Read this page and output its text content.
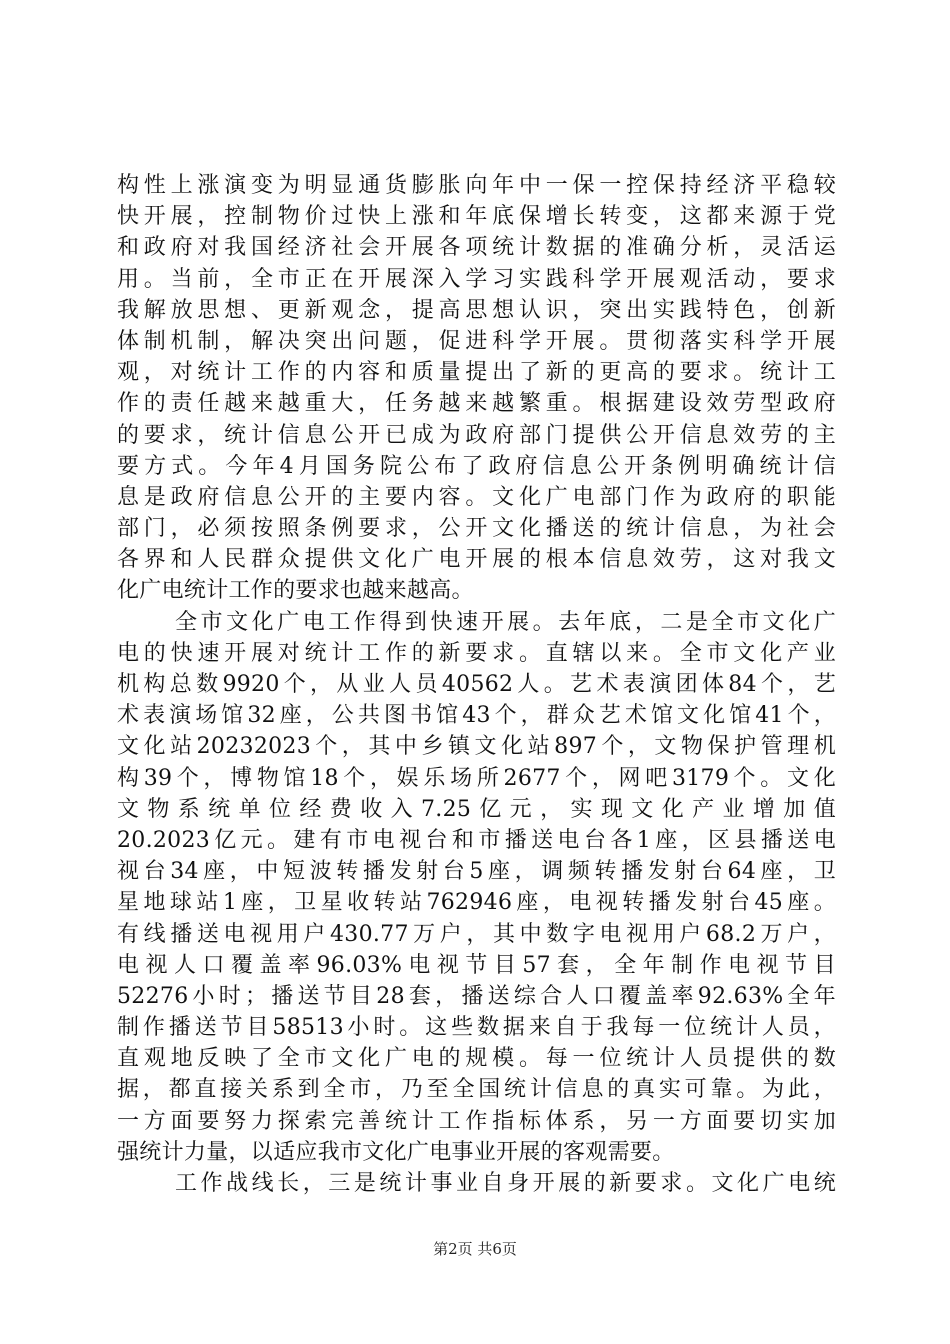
构性上涨演变为明显通货膨胀向年中一保一控保持经济平稳较
快开展，控制物价过快上涨和年底保增长转变，这都来源于党
和政府对我国经济社会开展各项统计数据的准确分析，灵活运
用。当前，全市正在开展深入学习实践科学开展观活动，要求
我解放思想、更新观念，提高思想认识，突出实践特色，创新
体制机制，解决突出问题，促进科学开展。贯彻落实科学开展
观，对统计工作的内容和质量提出了新的更高的要求。统计工
作的责任越来越重大，任务越来越繁重。根据建设效劳型政府
的要求，统计信息公开已成为政府部门提供公开信息效劳的主
要方式。今年4月国务院公布了政府信息公开条例明确统计信
息是政府信息公开的主要内容。文化广电部门作为政府的职能
部门，必须按照条例要求，公开文化播送的统计信息，为社会
各界和人民群众提供文化广电开展的根本信息效劳，这对我文
化广电统计工作的要求也越来越高。
全市文化广电工作得到快速开展。去年底，二是全市文化广
电的快速开展对统计工作的新要求。直辖以来。全市文化产业
机构总数9920个，从业人员40562人。艺术表演团体84个，艺
术表演场馆32座，公共图书馆43个，群众艺术馆文化馆41个，
文化站20232023个，其中乡镇文化站897个，文物保护管理机
构39个，博物馆18个，娱乐场所2677个，网吧3179个。文化
文物系统单位经费收入7.25亿元，实现文化产业增加值
20.2023亿元。建有市电视台和市播送电台各1座，区县播送电
视台34座，中短波转播发射台5座，调频转播发射台64座，卫
星地球站1座，卫星收转站762946座，电视转播发射台45座。
有线播送电视用户430.77万户，其中数字电视用户68.2万户，
电视人口覆盖率96.03%电视节目57套，全年制作电视节目
52276小时；播送节目28套，播送综合人口覆盖率92.63%全年
制作播送节目58513小时。这些数据来自于我每一位统计人员，
直观地反映了全市文化广电的规模。每一位统计人员提供的数
据，都直接关系到全市，乃至全国统计信息的真实可靠。为此，
一方面要努力探索完善统计工作指标体系，另一方面要切实加
强统计力量，以适应我市文化广电事业开展的客观需要。
工作战线长，三是统计事业自身开展的新要求。文化广电统
第2页 共6页
